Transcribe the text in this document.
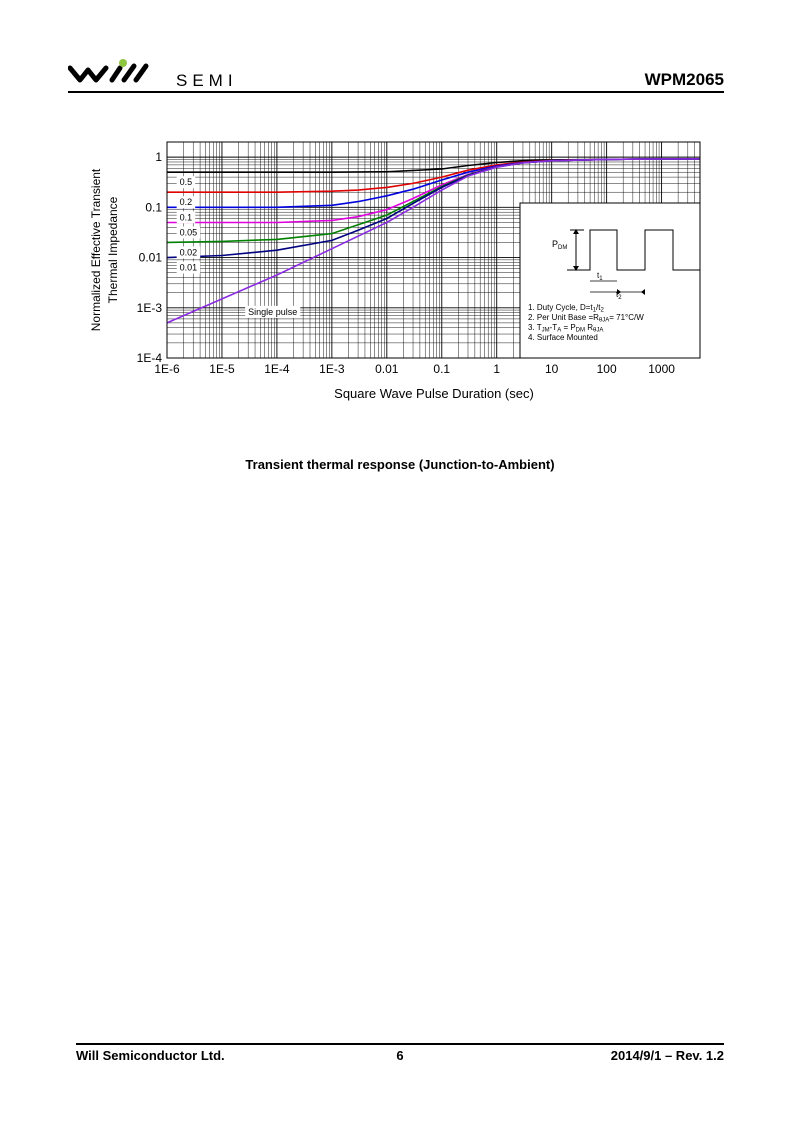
SEMI	WPM2065
0.5
0.2
0.1
0.05
0.02
0.01
Single pulse
1E-6 1E-5 1E-4 1E-3	0.01	0.1	1	10	100	1000
1
0.1
0.01
1E-3
1E-4
Square Wave Pulse Duration (sec)
Normalized Effective Transient Thermal Impedance	$P_{DM}$
$t_1$
$t_2$
1. Duty Cycle, D=t1/t2
2. Per Unit Base =RθJA= 71°C/W
3. TJM-TA = PDM RθJA
4. Surface Mounted
Transient thermal response (Junction-to-Ambient)
Will Semiconductor Ltd.	6	2014/9/1 – Rev. 1.2
